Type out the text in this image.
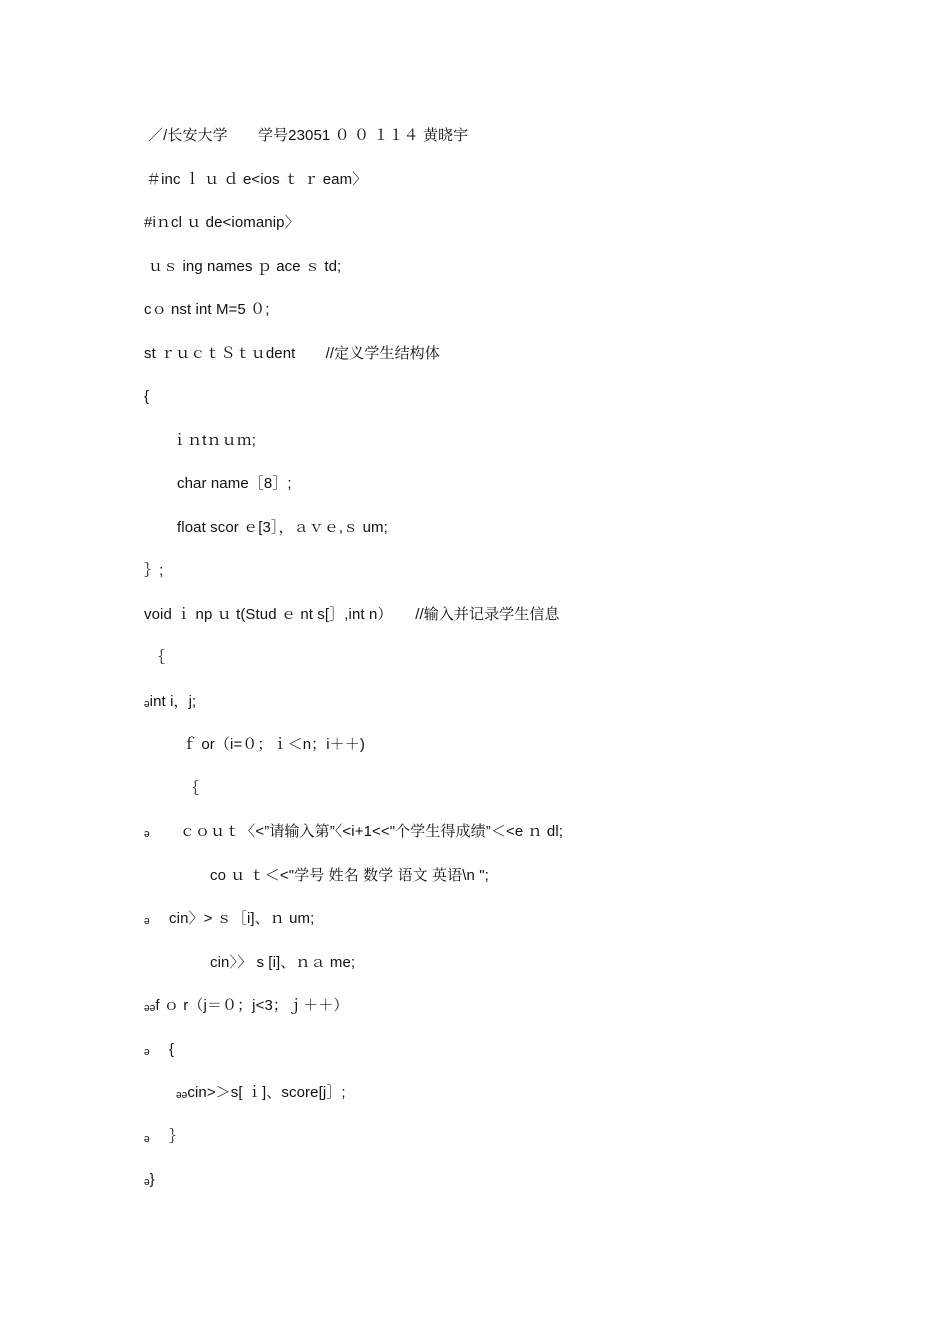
／/长安大学　　学号23051 ０ ０ １１４ 黄晓宇
＃inc ｌ ｕ ｄ e<ios ｔ ｒ eam〉
#iｎcl ｕ de<iomanip〉
ｕｓ ing names ｐ ace ｓ td;
cｏ nst int M=5 ０;
st ｒｕｃｔＳｔｕdent　　//定义学生结构体
{
ｉｎtｎｕｍ;
char name［8］;
float scor ｅ[3］，ａｖｅ,ｓ um;
｝;
void ｉ np ｕ t(Stud ｅ nt s[］,int n）　　//输入并记录学生信息
｛
ₔint i，j;
ｆ or（i=０；ｉ＜n；i＋＋)
｛
ₔ　　ｃｏｕｔ〈<”请输入第”〈<i+1<<"个学生得成绩”＜<e ｎ dl;
co ｕ ｔ＜<"学号 姓名 数学 语文 英语\n ";
ₔ　 cin〉> ｓ［i]、ｎ um;
cin〉〉 s [i]、ｎａ me;
ₔₔf ｏ r（j＝０；j<3；ｊ＋＋）
ₔ　 {
ₔₔcin>＞s[ ｉ]、score[j］;
ₔ　 ｝
ₔ}
